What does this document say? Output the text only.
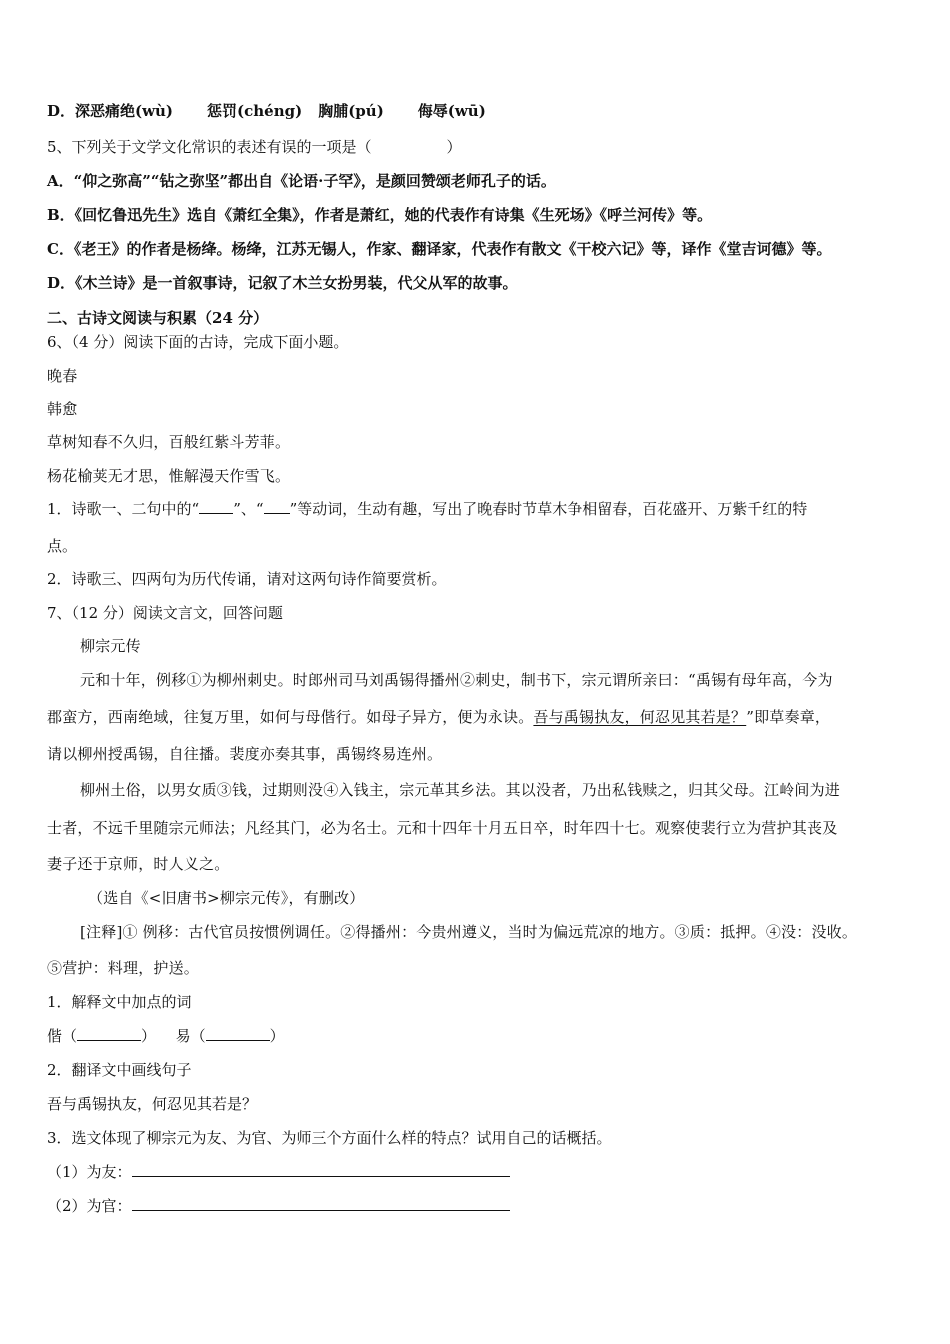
D．深恶痛绝(wù) 惩罚(chéng) 胸脯(pú) 侮辱(wū)
5、下列关于文学文化常识的表述有误的一项是（　　　　　）
A．“仰之弥高”“钻之弥坚”都出自《论语·子罕》，是颜回赞颂老师孔子的话。
B．《回忆鲁迅先生》选自《萧红全集》，作者是萧红，她的代表作有诗集《生死场》《呼兰河传》等。
C．《老王》的作者是杨绛。杨绛，江苏无锡人，作家、翻译家，代表作有散文《干校六记》等，译作《堂吉诃德》等。
D．《木兰诗》是一首叙事诗，记叙了木兰女扮男装，代父从军的故事。
二、古诗文阅读与积累（24 分）
6、（4 分）阅读下面的古诗，完成下面小题。
晚春
韩愈
草树知春不久归，百般红紫斗芳菲。
杨花榆荚无才思，惟解漫天作雪飞。
1．诗歌一、二句中的“ ”、“ ”等动词，生动有趣，写出了晚春时节草木争相留春，百花盛开、万紫千红的特
点。
2．诗歌三、四两句为历代传诵，请对这两句诗作简要赏析。
7、（12 分）阅读文言文，回答问题
柳宗元传
元和十年，例移①为柳州刺史。时郎州司马刘禹锡得播州②刺史，制书下，宗元谓所亲曰：“禹锡有母年高，今为
郡蛮方，西南绝域，往复万里，如何与母偕行。如母子异方，便为永诀。吾与禹锡执友，何忍见其若是？”即草奏章，
请以柳州授禹锡，自往播。裴度亦奏其事，禹锡终易连州。
柳州土俗，以男女质③钱，过期则没④入钱主，宗元革其乡法。其以没者，乃出私钱赎之，归其父母。江岭间为进
士者，不远千里随宗元师法；凡经其门，必为名士。元和十四年十月五日卒，时年四十七。观察使裴行立为营护其丧及
妻子还于京师，时人义之。
（选自《<旧唐书>柳宗元传》，有删改）
[注释]① 例移：古代官员按惯例调任。②得播州：今贵州遵义，当时为偏远荒凉的地方。③质：抵押。④没：没收。
⑤营护：料理，护送。
1．解释文中加点的词
偕（	） 易（	）
2．翻译文中画线句子
吾与禹锡执友，何忍见其若是？
3．选文体现了柳宗元为友、为官、为师三个方面什么样的特点？试用自己的话概括。
（1）为友：
（2）为官：
